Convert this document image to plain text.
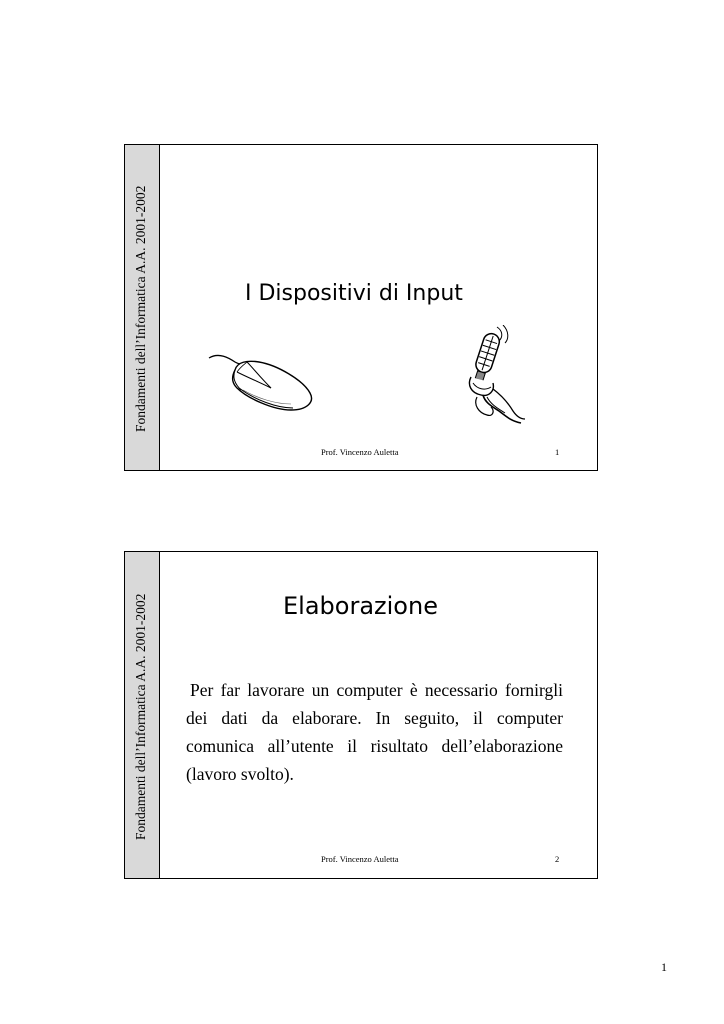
Fondamenti dell’Informatica A.A. 2001-2002	I Dispositivi di Input
Prof. Vincenzo Auletta	1
Fondamenti dell’Informatica A.A. 2001-2002	Elaborazione
Per far lavorare un computer è necessario fornirgli dei dati da elaborare. In seguito, il computer comunica all’utente il risultato dell’elaborazione (lavoro svolto).
Prof. Vincenzo Auletta	2
1
